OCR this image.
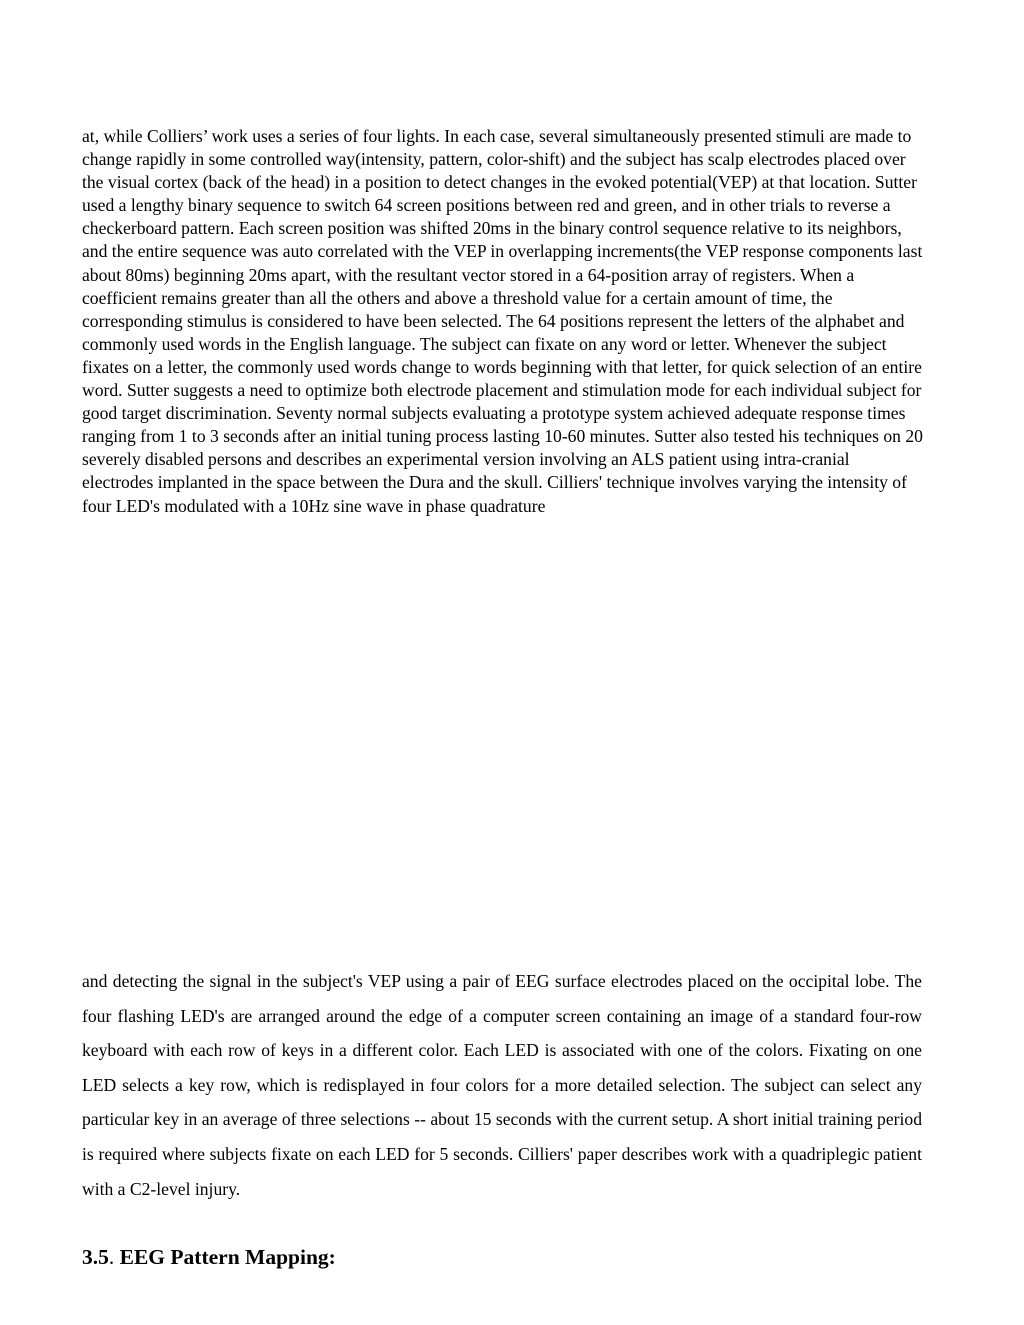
at, while Colliers’ work uses a series of four lights. In each case, several simultaneously presented stimuli are made to change rapidly in some controlled way(intensity, pattern, color-shift) and the subject has scalp electrodes placed over the visual cortex (back of the head) in a position to detect changes in the evoked potential(VEP) at that location. Sutter used a lengthy binary sequence to switch 64 screen positions between red and green, and in other trials to reverse a checkerboard pattern. Each screen position was shifted 20ms in the binary control sequence relative to its neighbors, and the entire sequence was auto correlated with the VEP in overlapping increments(the VEP response components last about 80ms) beginning 20ms apart, with the resultant vector stored in a 64-position array of registers. When a coefficient remains greater than all the others and above a threshold value for a certain amount of time, the corresponding stimulus is considered to have been selected. The 64 positions represent the letters of the alphabet and commonly used words in the English language. The subject can fixate on any word or letter. Whenever the subject fixates on a letter, the commonly used words change to words beginning with that letter, for quick selection of an entire word. Sutter suggests a need to optimize both electrode placement and stimulation mode for each individual subject for good target discrimination. Seventy normal subjects evaluating a prototype system achieved adequate response times ranging from 1 to 3 seconds after an initial tuning process lasting 10-60 minutes. Sutter also tested his techniques on 20 severely disabled persons and describes an experimental version involving an ALS patient using intra-cranial electrodes implanted in the space between the Dura and the skull. Cilliers' technique involves varying the intensity of four LED's modulated with a 10Hz sine wave in phase quadrature

and detecting the signal in the subject's VEP using a pair of EEG surface electrodes placed on the occipital lobe. The four flashing LED's are arranged around the edge of a computer screen containing an image of a standard four-row keyboard with each row of keys in a different color. Each LED is associated with one of the colors. Fixating on one LED selects a key row, which is redisplayed in four colors for a more detailed selection. The subject can select any particular key in an average of three selections -- about 15 seconds with the current setup. A short initial training period is required where subjects fixate on each LED for 5 seconds. Cilliers' paper describes work with a quadriplegic patient with a C2-level injury.

3.5. EEG Pattern Mapping:
